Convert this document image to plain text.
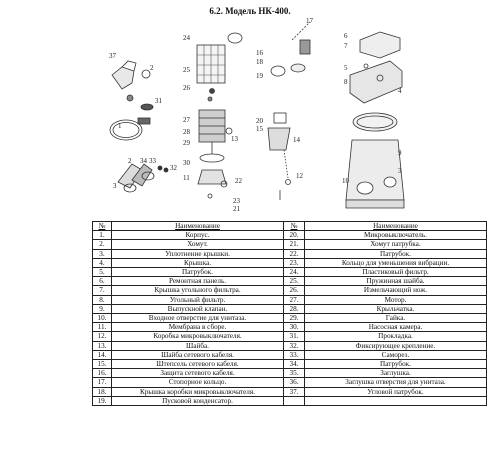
6.2. Модель НК-400.
37
2
31
1
2 34 33
3
32
24
25
26
27
28
29
30
11	22
23
21
13
16
17
18
19
20
15
14
12
6
7
5
8
4
9
10
3
№	Наименование	№	Наименование
1.	Корпус.	20.	Микровыключатель.
2.	Хомут.	21.	Хомут патрубка.
3.	Уплотнение крышки.	22.	Патрубок.
4.	Крышка.	23.	Кольцо для уменьшения вибрации.
5.	Патрубок.	24.	Пластиковый фильтр.
6.	Ремонтная панель.	25.	Пружинная шайба.
7.	Крышка угольного фильтра.	26.	Измельчающий нож.
8.	Угольный фильтр.	27.	Мотор.
9.	Выпускной клапан.	28.	Крыльчатка.
10.	Входное отверстие для унитаза.	29.	Гайка.
11.	Мембрана в сборе.	30.	Насосная камера.
12.	Коробка микровыключателя.	31.	Прокладка.
13.	Шайба.	32.	Фиксирующее крепление.
14.	Шайба сетевого кабеля.	33.	Саморез.
15.	Штепсель сетевого кабеля.	34.	Патрубок.
16.	Защита сетевого кабеля.	35.	Заглушка.
17.	Стопорное кольцо.	36.	Заглушка отверстия для унитаза.
18.	Крышка коробки микровыключателя.	37.	Угловой патрубок.
19.	Пусковой конденсатор.		
